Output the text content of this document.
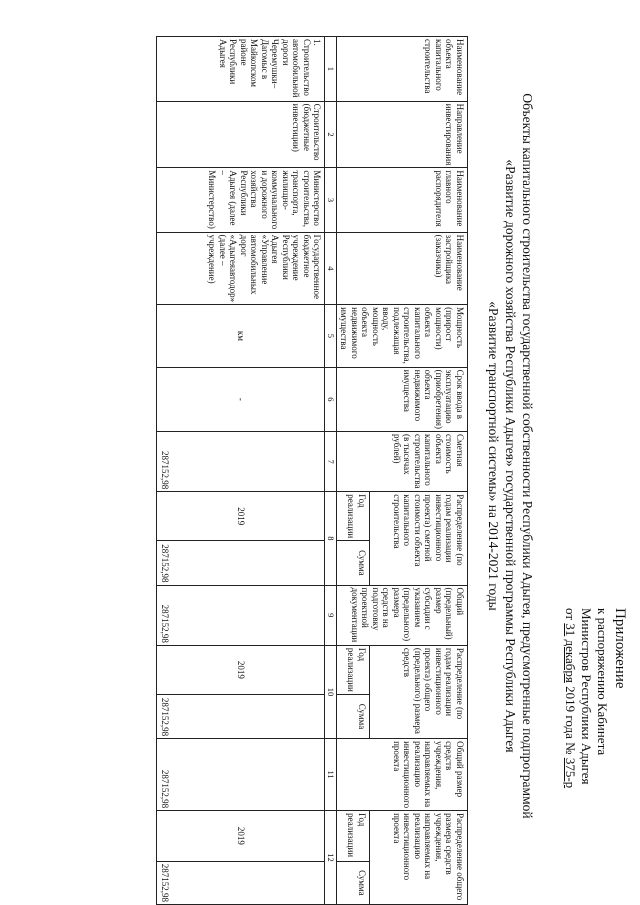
Приложение
к распоряжению Кабинета
Министров Республики Адыгея
от 31 декабря 2019 года № 375-р
Объекты капитального строительства государственной собственности Республики Адыгея, предусмотренные подпрограммой
«Развитие дорожного хозяйства Республики Адыгея» государственной программы Республики Адыгея
«Развитие транспортной системы» на 2014-2021 годы
Наименование объекта капитального строительства	Направление инвестирования	Наименование главного распорядителя	Наименование застройщика (заказчика)	Мощность (прирост мощности) объекта капитального строительства, подлежащая вводу, мощность объекта недвижимого имущества	Срок ввода в эксплуатацию (приобретения) объекта недвижимого имущества	Сметная стоимость объекта капитального строительства (в тысячах рублей)	Распределение (по годам реализации инвестиционного проекта) сметной стоимости объекта капитального строительства		Общий (предельный) размер субсидии с указанием (предельного) размера средств на подготовку проектной документации	Распределение (по годам реализации инвестиционного проекта) общего (предельного) размера средств		Общий размер средств учреждения, направляемых на реализацию инвестиционного проекта	Распределение общего размера средств учреждения, направляемых на реализацию инвестиционного проекта	
							Год реализации	Сумма		Год реализации	Сумма		Год реализации	Сумма
1	2	3	4	5	6	7	8		9	10		11	12	
1. Строительство автомобильной дороги Черемушки–Дагомыс в Майкопском районе Республики Адыгея	Строительство (бюджетные инвестиции)	Министерство строительства, транспорта, жилищно-коммунального и дорожного хозяйства Республики Адыгея (далее – Министерство)	Государственное бюджетное учреждение Республики Адыгея «Управление автомобильных дорог «Адыгеяавтодор» (далее – учреждение)	км	-	287152,98	2019	287152,98	287152,98	2019	287152,98	287152,98	2019	287152,98
